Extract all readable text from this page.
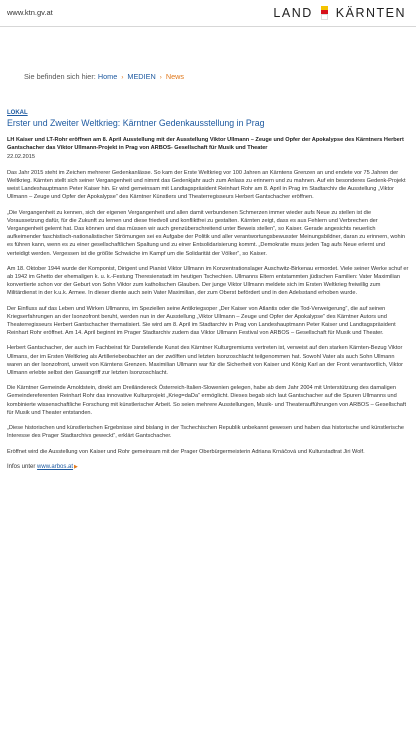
www.ktn.gv.at	LAND KÄRNTEN
Sie befinden sich hier: Home › MEDIEN › News
LOKAL
Erster und Zweiter Weltkrieg: Kärntner Gedenkausstellung in Prag
LH Kaiser und LT-Rohr eröffnen am 8. April Ausstellung mit der Ausstellung Viktor Ullmann – Zeuge und Opfer der Apokalypse des Kärntners Herbert Gantschacher das Viktor Ullmann-Projekt in Prag von ARBOS- Gesellschaft für Musik und Theater
22.02.2015

Das Jahr 2015 steht im Zeichen mehrerer Gedenkanlässe. So kam der Erste Weltkrieg vor 100 Jahren an Kärntens Grenzen an und endete vor 75 Jahren der Weltkrieg. Kärnten stellt sich seiner Vergangenheit und nimmt das Gedenkjahr auch zum Anlass zu erinnern und zu mahnen. Auf ein besonderes Gedenk-Projekt weist Landeshauptmann Peter Kaiser hin. Er wird gemeinsam mit Landtagspräsident Reinhart Rohr am 8. April in Prag im Stadtarchiv die Ausstellung „Viktor Ullmann – Zeuge und Opfer der Apokalypse“ des Kärntner Künstlers und Theaterregisseurs Herbert Gantschacher eröffnen.

„Die Vergangenheit zu kennen, sich der eigenen Vergangenheit und allen damit verbundenen Schmerzen immer wieder aufs Neue zu stellen ist die Voraussetzung dafür, für die Zukunft zu lernen und diese friedvoll und konfliktfrei zu gestalten. Kärnten zeigt, dass es aus Fehlern und Verbrechen der Vergangenheit gelernt hat. Das können und das müssen wir auch grenzüberschreitend unter Beweis stellen“, so Kaiser. Gerade angesichts neuerlich aufkeimender faschistisch-nationalistischer Strömungen sei es Aufgabe der Politik und aller verantwortungsbewusster Meinungsbildner, daran zu erinnern, wohin es führen kann, wenn es zu einer gesellschaftlichen Spaltung und zu einer Entsolidarisierung kommt. „Demokratie muss jeden Tag aufs Neue erlernt und verteidigt werden. Vergessen ist die größte Schwäche im Kampf um die Solidarität der Völker“, so Kaiser.

Am 18. Oktober 1944 wurde der Komponist, Dirigent und Pianist Viktor Ullmann im Konzentrationslager Auschwitz-Birkenau ermordet. Viele seiner Werke schuf er ab 1942 im Ghetto der ehemaligen k. u. k.-Festung Theresienstadt im heutigen Tschechien. Ullmanns Eltern entstammten jüdischen Familien: Vater Maximilian konvertierte schon vor der Geburt von Sohn Viktor zum katholischen Glauben. Der junge Viktor Ullmann meldete sich im Ersten Weltkrieg freiwillig zum Militärdienst in der k.u.k. Armee. In dieser diente auch sein Vater Maximilian, der zum Oberst befördert und in den Adelsstand erhoben wurde.

Der Einfluss auf das Leben und Wirken Ullmanns, im Speziellen seine Antikriegsoper „Der Kaiser von Atlantis oder die Tod-Verweigerung“, die auf seinen Kriegserfahrungen an der Isonzofront beruht, werden nun in der Ausstellung „Viktor Ullmann – Zeuge und Opfer der Apokalypse“ des Kärntner Autors und Theaterregisseurs Herbert Gantschacher thematisiert. Sie wird am 8. April im Stadtarchiv in Prag von Landeshauptmann Peter Kaiser und Landtagspräsident Reinhart Rohr eröffnet. Am 14. April beginnt im Prager Stadtarchiv zudem das Viktor Ullmann Festival von ARBOS – Gesellschaft für Musik und Theater.

Herbert Gantschacher, der auch im Fachbeirat für Darstellende Kunst des Kärntner Kulturgremiums vertreten ist, verweist auf den starken Kärnten-Bezug Viktor Ullmans, der im Ersten Weltkrieg als Artilleriebeobachter an der zwölften und letzten Isonzoschlacht teilgenommen hat. Sowohl Vater als auch Sohn Ullmann waren an der Isonzofront, unweit von Kärntens Grenzen. Maximilian Ullmann war für die Sicherheit von Kaiser und König Karl an der Front verantwortlich, Viktor Ullmann erlebte selbst den Gasangriff zur letzten Isonzoschlacht.

Die Kärntner Gemeinde Arnoldstein, direkt am Dreiländereck Österreich-Italien-Slowenien gelegen, habe ab dem Jahr 2004 mit Unterstützung des damaligen Gemeindereferenten Reinhart Rohr das innovative Kulturprojekt „Krieg=daDa“ ermöglicht. Dieses begab sich laut Gantschacher auf die Spuren Ullmanns und kombinierte wissenschaftliche Forschung mit künstlerischer Arbeit. So seien mehrere Ausstellungen, Musik- und Theateraufführungen von ARBOS – Gesellschaft für Musik und Theater entstanden.

„Diese historischen und künstlerischen Ergebnisse sind bislang in der Tschechischen Republik unbekannt gewesen und haben das historische und künstlerische Interesse des Prager Stadtarchivs geweckt“, erklärt Gantschacher.

Eröffnet wird die Ausstellung von Kaiser und Rohr gemeinsam mit der Prager Oberbürgermeisterin Adriana Krnáčová und Kulturstadtrat Jiri Wolf.

Infos unter www.arbos.at▶
